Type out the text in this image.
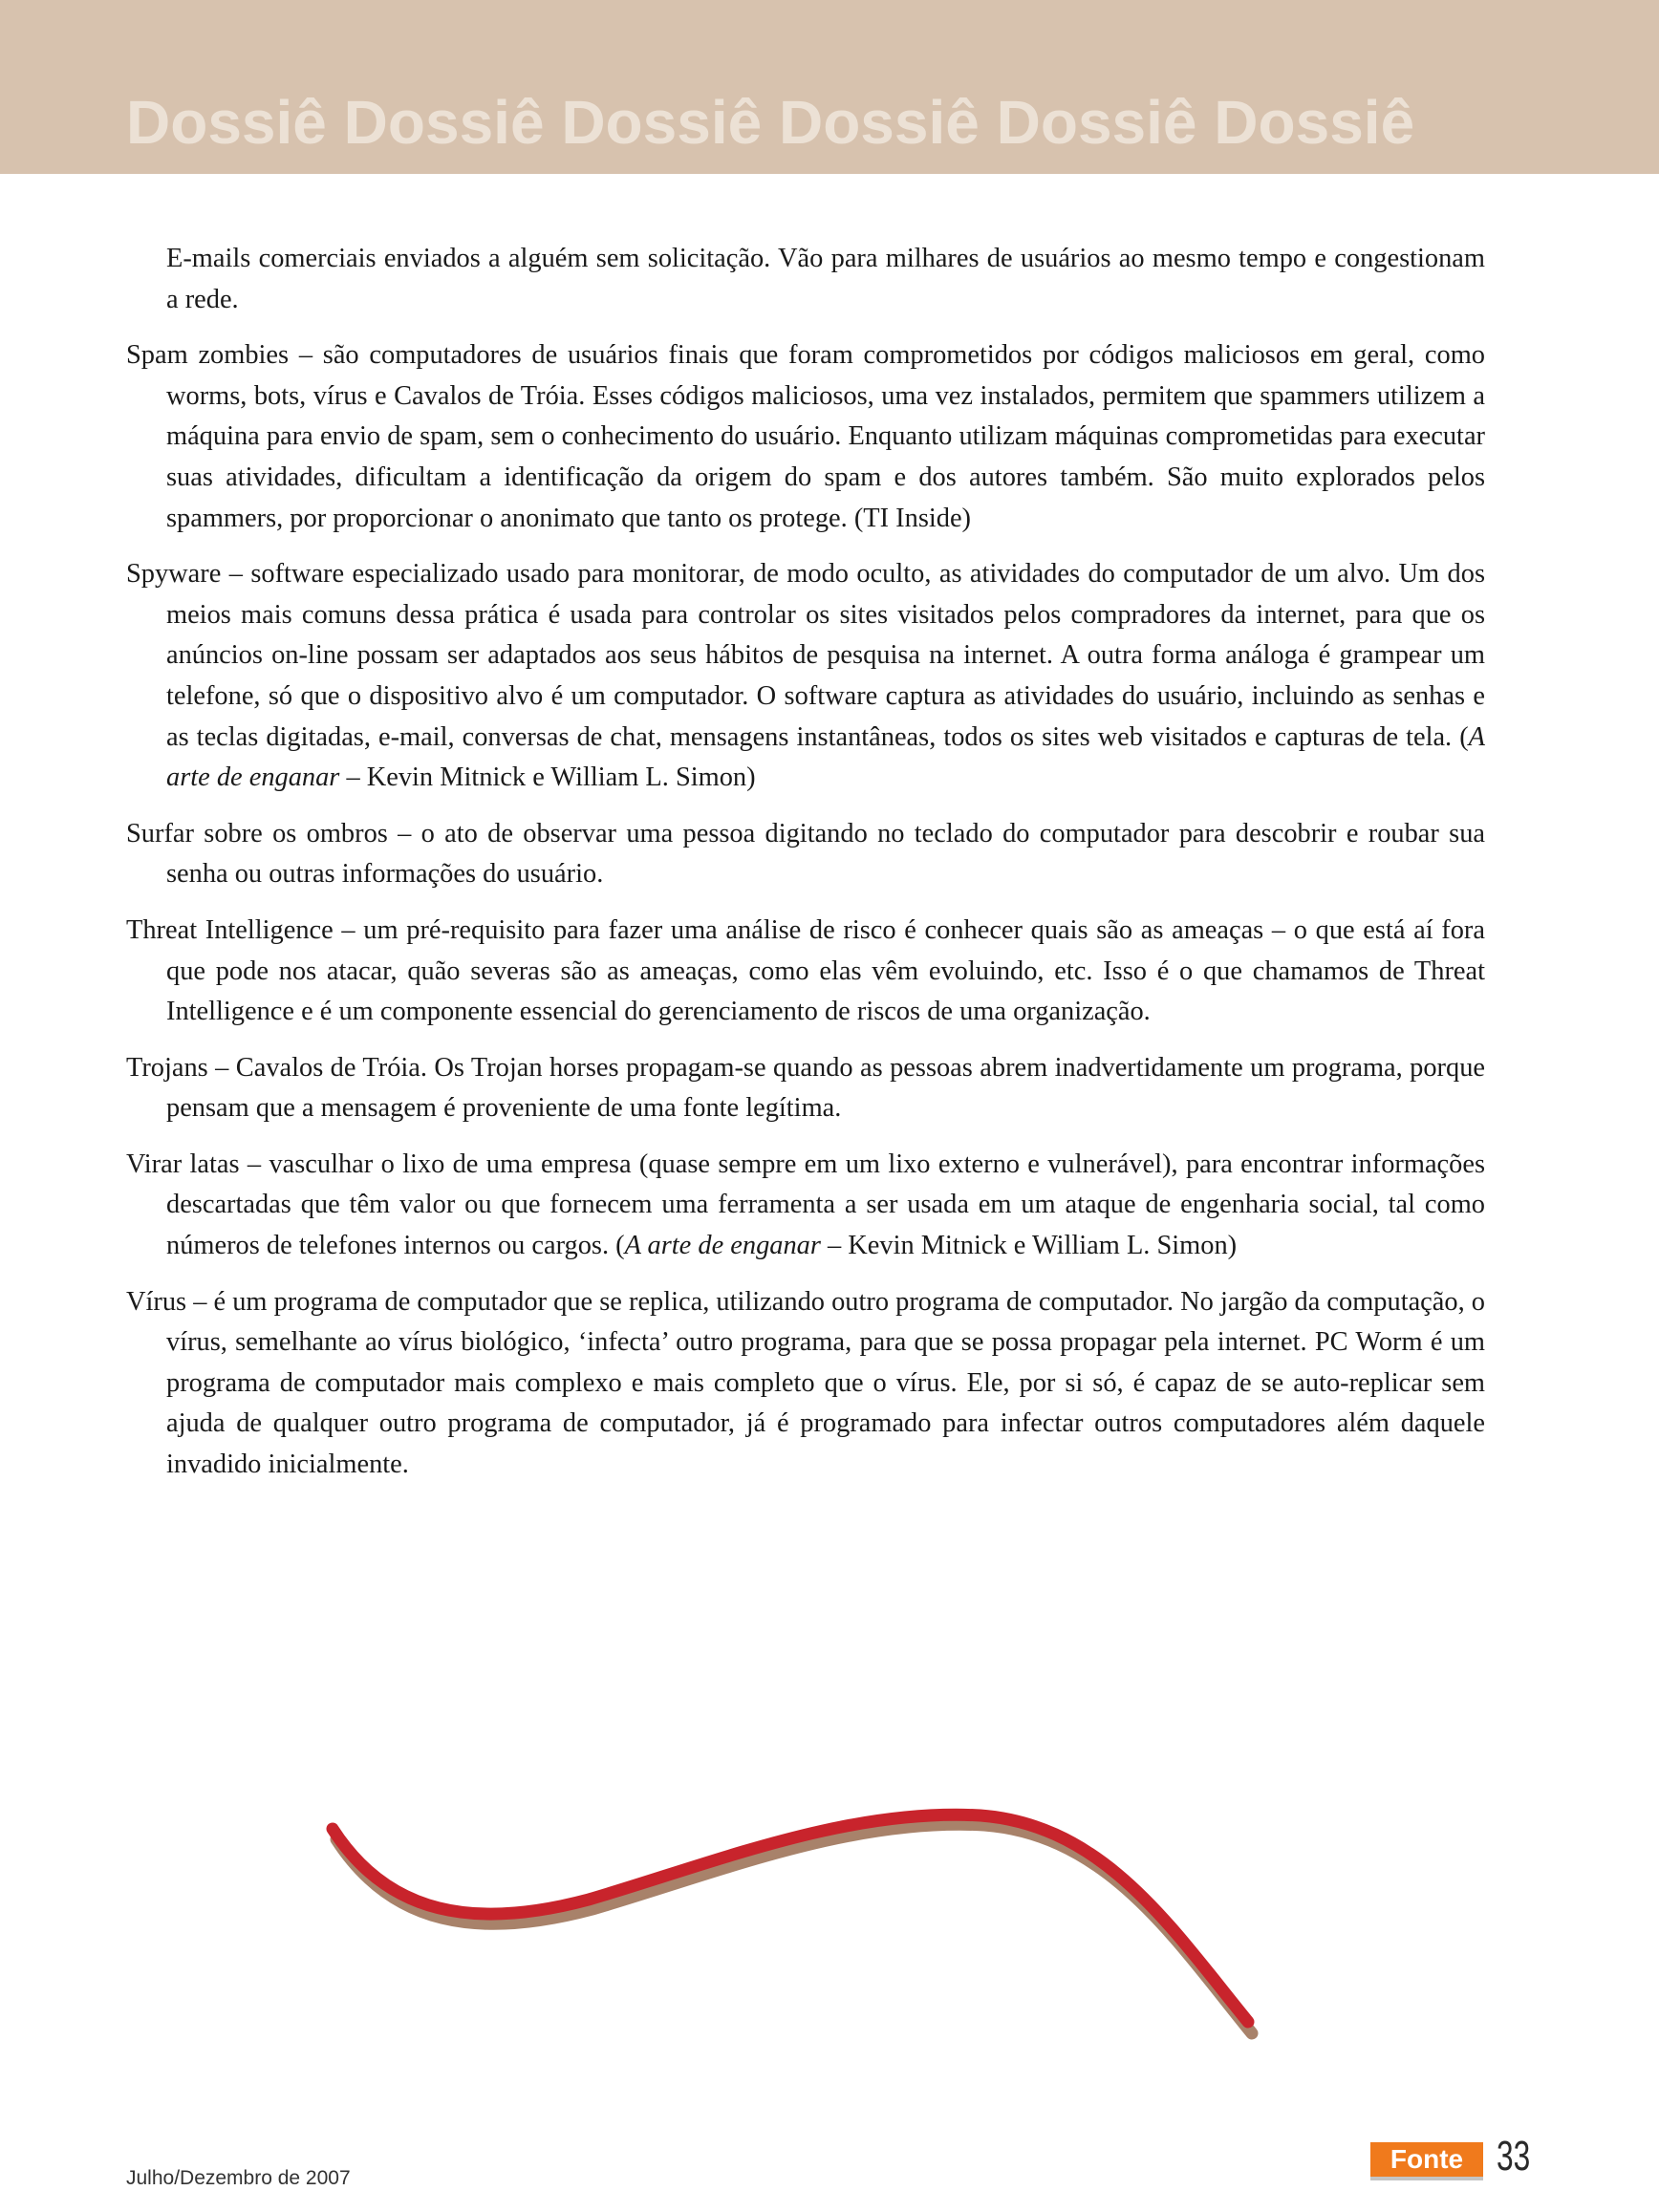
Dossiê Dossiê Dossiê Dossiê Dossiê Dossiê

E-mails comerciais enviados a alguém sem solicitação. Vão para milhares de usuários ao mesmo tempo e congestionam a rede.

Spam zombies – são computadores de usuários finais que foram comprometidos por códigos maliciosos em geral, como worms, bots, vírus e Cavalos de Tróia. Esses códigos maliciosos, uma vez instalados, permitem que spammers utilizem a máquina para envio de spam, sem o conhecimento do usuário. Enquanto utilizam máquinas comprometidas para executar suas atividades, dificultam a identificação da origem do spam e dos autores também. São muito explorados pelos spammers, por proporcionar o anonimato que tanto os protege. (TI Inside)

Spyware – software especializado usado para monitorar, de modo oculto, as atividades do computador de um alvo. Um dos meios mais comuns dessa prática é usada para controlar os sites visitados pelos compradores da internet, para que os anúncios on-line possam ser adaptados aos seus hábitos de pesquisa na internet. A outra forma análoga é grampear um telefone, só que o dispositivo alvo é um computador. O software captura as atividades do usuário, incluindo as senhas e as teclas digitadas, e-mail, conversas de chat, mensagens instantâneas, todos os sites web visitados e capturas de tela. (A arte de enganar – Kevin Mitnick e William L. Simon)

Surfar sobre os ombros – o ato de observar uma pessoa digitando no teclado do computador para descobrir e roubar sua senha ou outras informações do usuário.

Threat Intelligence – um pré-requisito para fazer uma análise de risco é conhecer quais são as ameaças – o que está aí fora que pode nos atacar, quão severas são as ameaças, como elas vêm evoluindo, etc. Isso é o que chamamos de Threat Intelligence e é um componente essencial do gerenciamento de riscos de uma organização.

Trojans – Cavalos de Tróia. Os Trojan horses propagam-se quando as pessoas abrem inadvertidamente um programa, porque pensam que a mensagem é proveniente de uma fonte legítima.

Virar latas – vasculhar o lixo de uma empresa (quase sempre em um lixo externo e vulnerável), para encontrar informações descartadas que têm valor ou que fornecem uma ferramenta a ser usada em um ataque de engenharia social, tal como números de telefones internos ou cargos. (A arte de enganar – Kevin Mitnick e William L. Simon)

Vírus – é um programa de computador que se replica, utilizando outro programa de computador. No jargão da computação, o vírus, semelhante ao vírus biológico, ‘infecta’ outro programa, para que se possa propagar pela internet. PC Worm é um programa de computador mais complexo e mais completo que o vírus. Ele, por si só, é capaz de se auto-replicar sem ajuda de qualquer outro programa de computador, já é programado para infectar outros computadores além daquele invadido inicialmente.

Julho/Dezembro de 2007
Fonte 33
